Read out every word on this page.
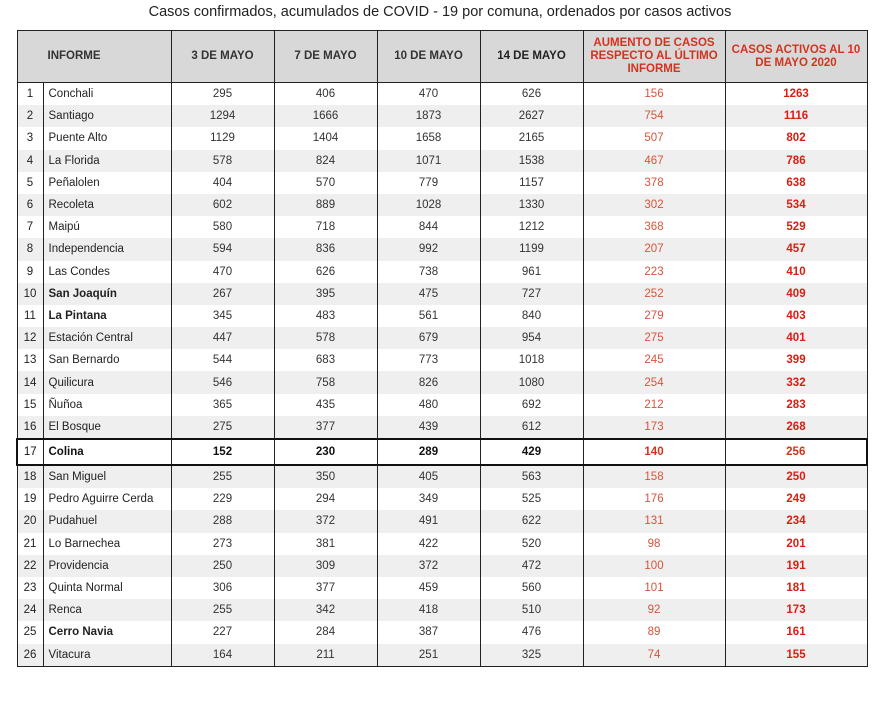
Casos confirmados, acumulados de COVID - 19 por comuna, ordenados por casos activos
INFORME		3 DE MAYO	7 DE MAYO	10 DE MAYO	14 DE MAYO	AUMENTO DE CASOS RESPECTO AL ÚLTIMO INFORME	CASOS ACTIVOS AL 10 DE MAYO 2020
1	Conchali	295	406	470	626	156	1263
2	Santiago	1294	1666	1873	2627	754	1116
3	Puente Alto	1129	1404	1658	2165	507	802
4	La Florida	578	824	1071	1538	467	786
5	Peñalolen	404	570	779	1157	378	638
6	Recoleta	602	889	1028	1330	302	534
7	Maipú	580	718	844	1212	368	529
8	Independencia	594	836	992	1199	207	457
9	Las Condes	470	626	738	961	223	410
10	San Joaquín	267	395	475	727	252	409
11	La Pintana	345	483	561	840	279	403
12	Estación Central	447	578	679	954	275	401
13	San Bernardo	544	683	773	1018	245	399
14	Quilicura	546	758	826	1080	254	332
15	Ñuñoa	365	435	480	692	212	283
16	El Bosque	275	377	439	612	173	268
17	Colina	152	230	289	429	140	256
18	San Miguel	255	350	405	563	158	250
19	Pedro Aguirre Cerda	229	294	349	525	176	249
20	Pudahuel	288	372	491	622	131	234
21	Lo Barnechea	273	381	422	520	98	201
22	Providencia	250	309	372	472	100	191
23	Quinta Normal	306	377	459	560	101	181
24	Renca	255	342	418	510	92	173
25	Cerro Navia	227	284	387	476	89	161
26	Vitacura	164	211	251	325	74	155
